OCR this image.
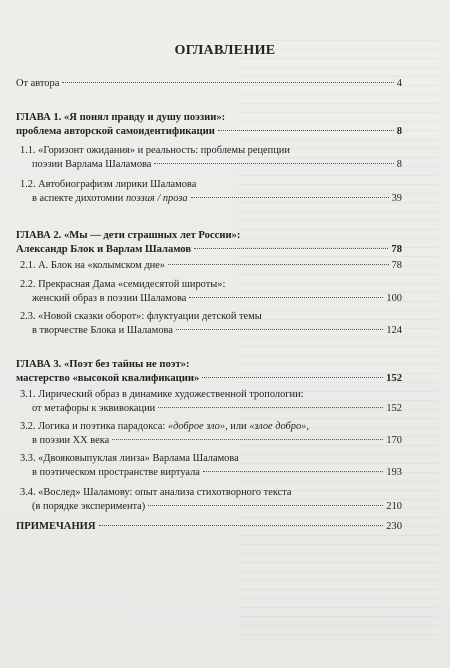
ОГЛАВЛЕНИЕ
От автора	4
ГЛАВА 1. «Я понял правду и душу поэзии»:
проблема авторской самоидентификации	8
1.1. «Горизонт ожидания» и реальность: проблемы рецепции
поэзии Варлама Шаламова	8
1.2. Автобиографизм лирики Шаламова
в аспекте дихотомии поэзия / проза	39
ГЛАВА 2. «Мы — дети страшных лет России»:
Александр Блок и Варлам Шаламов	78
2.1. А. Блок на «колымском дне»	78
2.2. Прекрасная Дама «семидесятой широты»:
женский образ в поэзии Шаламова	100
2.3. «Новой сказки оборот»: флуктуации детской темы
в творчестве Блока и Шаламова	124
ГЛАВА 3. «Поэт без тайны не поэт»:
мастерство «высокой квалификации»	152
3.1. Лирический образ в динамике художественной тропологии:
от метафоры к эквивокации	152
3.2. Логика и поэтика парадокса: «доброе зло», или «злое добро»,
в поэзии XX века	170
3.3. «Двояковыпуклая линза» Варлама Шаламова
в поэтическом пространстве виртуала	193
3.4. «Вослед» Шаламову: опыт анализа стихотворного текста
(в порядке эксперимента)	210
ПРИМЕЧАНИЯ	230
